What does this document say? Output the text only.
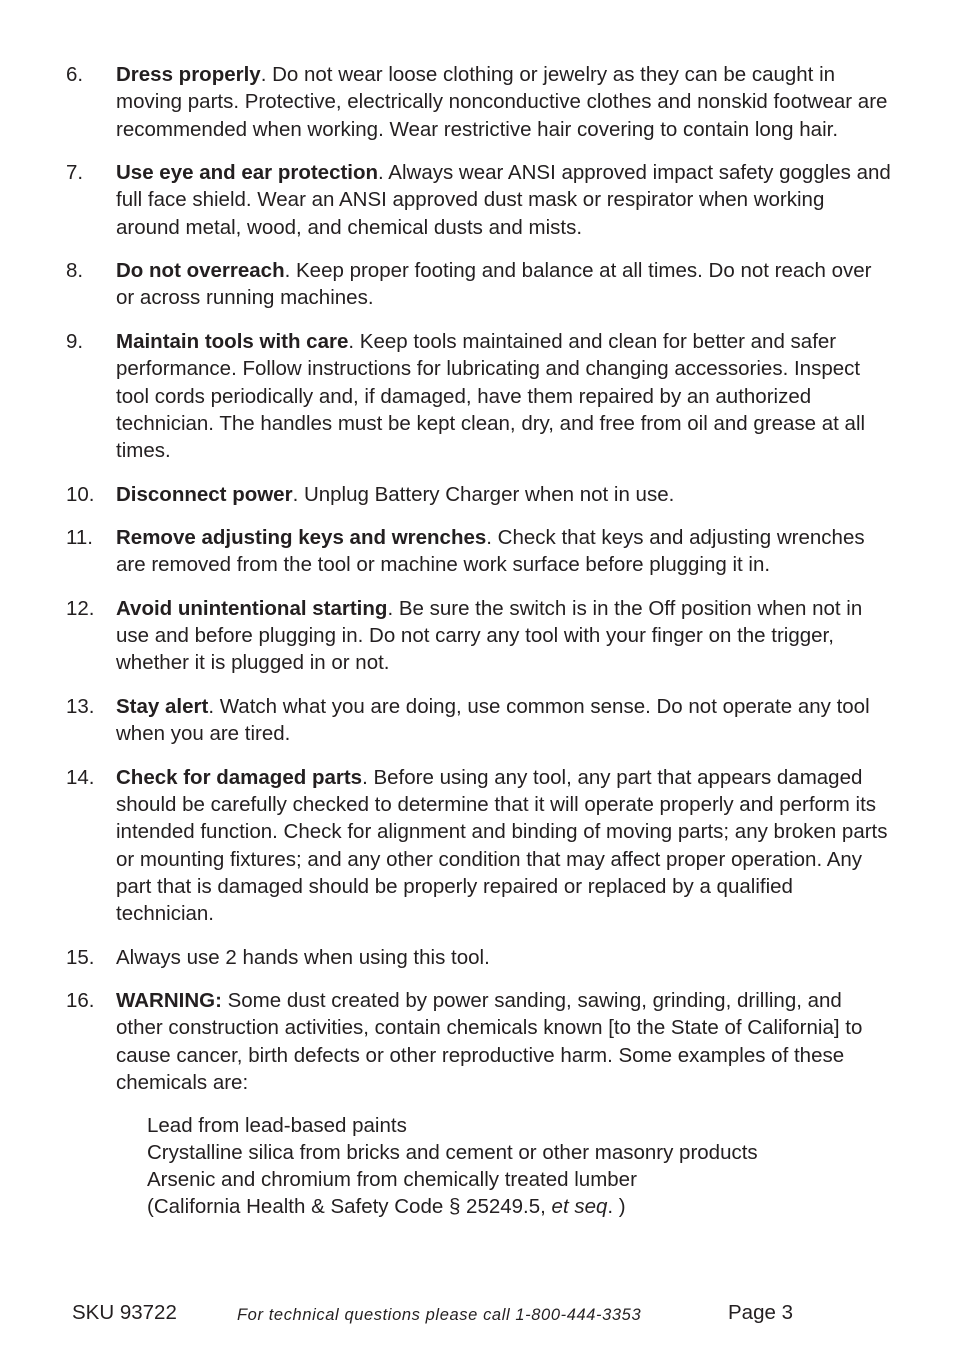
6.	Dress properly. Do not wear loose clothing or jewelry as they can be caught in moving parts. Protective, electrically nonconductive clothes and nonskid footwear are recommended when working. Wear restrictive hair covering to contain long hair.
7.	Use eye and ear protection. Always wear ANSI approved impact safety goggles and full face shield. Wear an ANSI approved dust mask or respirator when working around metal, wood, and chemical dusts and mists.
8.	Do not overreach. Keep proper footing and balance at all times. Do not reach over or across running machines.
9.	Maintain tools with care. Keep tools maintained and clean for better and safer performance. Follow instructions for lubricating and changing accessories. Inspect tool cords periodically and, if damaged, have them repaired by an authorized technician. The handles must be kept clean, dry, and free from oil and grease at all times.
10.	Disconnect power. Unplug Battery Charger when not in use.
11.	Remove adjusting keys and wrenches. Check that keys and adjusting wrenches are removed from the tool or machine work surface before plugging it in.
12.	Avoid unintentional starting. Be sure the switch is in the Off position when not in use and before plugging in. Do not carry any tool with your finger on the trigger, whether it is plugged in or not.
13.	Stay alert. Watch what you are doing, use common sense. Do not operate any tool when you are tired.
14.	Check for damaged parts. Before using any tool, any part that appears damaged should be carefully checked to determine that it will operate properly and perform its intended function. Check for alignment and binding of moving parts; any broken parts or mounting fixtures; and any other condition that may affect proper operation. Any part that is damaged should be properly repaired or replaced by a qualified technician.
15.	Always use 2 hands when using this tool.
16.	WARNING: Some dust created by power sanding, sawing, grinding, drilling, and other construction activities, contain chemicals known [to the State of California] to cause cancer, birth defects or other reproductive harm. Some examples of these chemicals are:
Lead from lead-based paints
Crystalline silica from bricks and cement or other masonry products
Arsenic and chromium from chemically treated lumber
(California Health & Safety Code § 25249.5, et seq. )
SKU 93722	For technical questions please call 1-800-444-3353	Page 3
